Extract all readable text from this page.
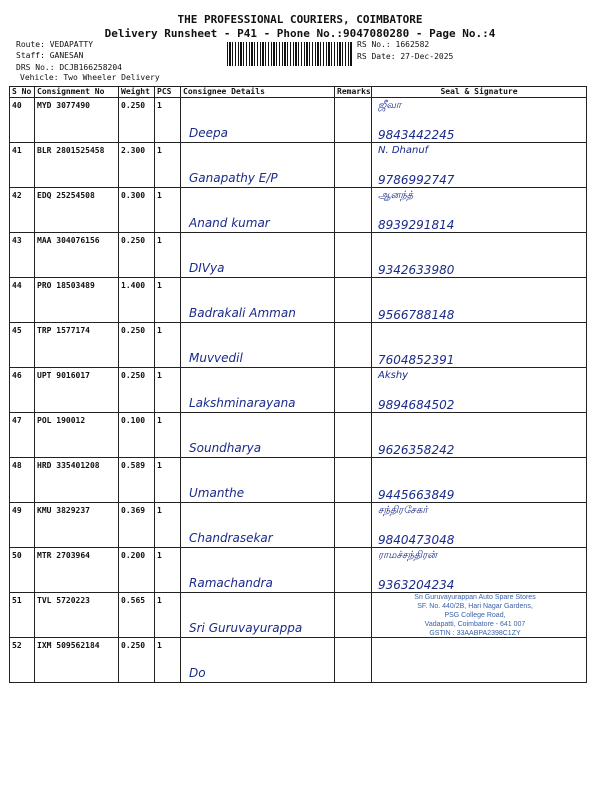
THE PROFESSIONAL COURIERS, COIMBATORE
Delivery Runsheet - P41 - Phone No.:9047080280 - Page No.:4
Route: VEDAPATTY
Staff: GANESAN
DRS No.: DCJB166258204
Vehicle: Two Wheeler Delivery
RS No.: 1662582
RS Date: 27-Dec-2025
S No	Consignment No	Weight	PCS	Consignee Details	Remarks	Seal & Signature
40	MYD 3077490	0.250	1	Deepa		ஜீவா
9843442245

41	BLR 2801525458	2.300	1	Ganapathy E/P		N. Dhanuf
9786992747

42	EDQ 25254508	0.300	1	Anand kumar		ஆனந்த்
8939291814

43	MAA 304076156	0.250	1	DIVya		9342633980

44	PRO 18503489	1.400	1	Badrakali Amman		9566788148

45	TRP 1577174	0.250	1	Muvvedil		7604852391

46	UPT 9016017	0.250	1	Lakshminarayana		Akshy
9894684502

47	POL 190012	0.100	1	Soundharya		9626358242

48	HRD 335401208	0.589	1	Umanthe		9445663849

49	KMU 3829237	0.369	1	Chandrasekar		சந்திரசேகர்
9840473048

50	MTR 2703964	0.200	1	Ramachandra		ராமச்சந்திரன்
9363204234

51	TVL 5720223	0.565	1	Sri Guruvayurappa		Sri Guruvayurappan Auto Spare Stores
SF. No. 440/2B, Hari Nagar Gardens,
PSG College Road,
Vadapatti, Coimbatore - 641 007
GSTIN : 33AABPA2398C1ZY

52	IXM 509562184	0.250	1	Do		
